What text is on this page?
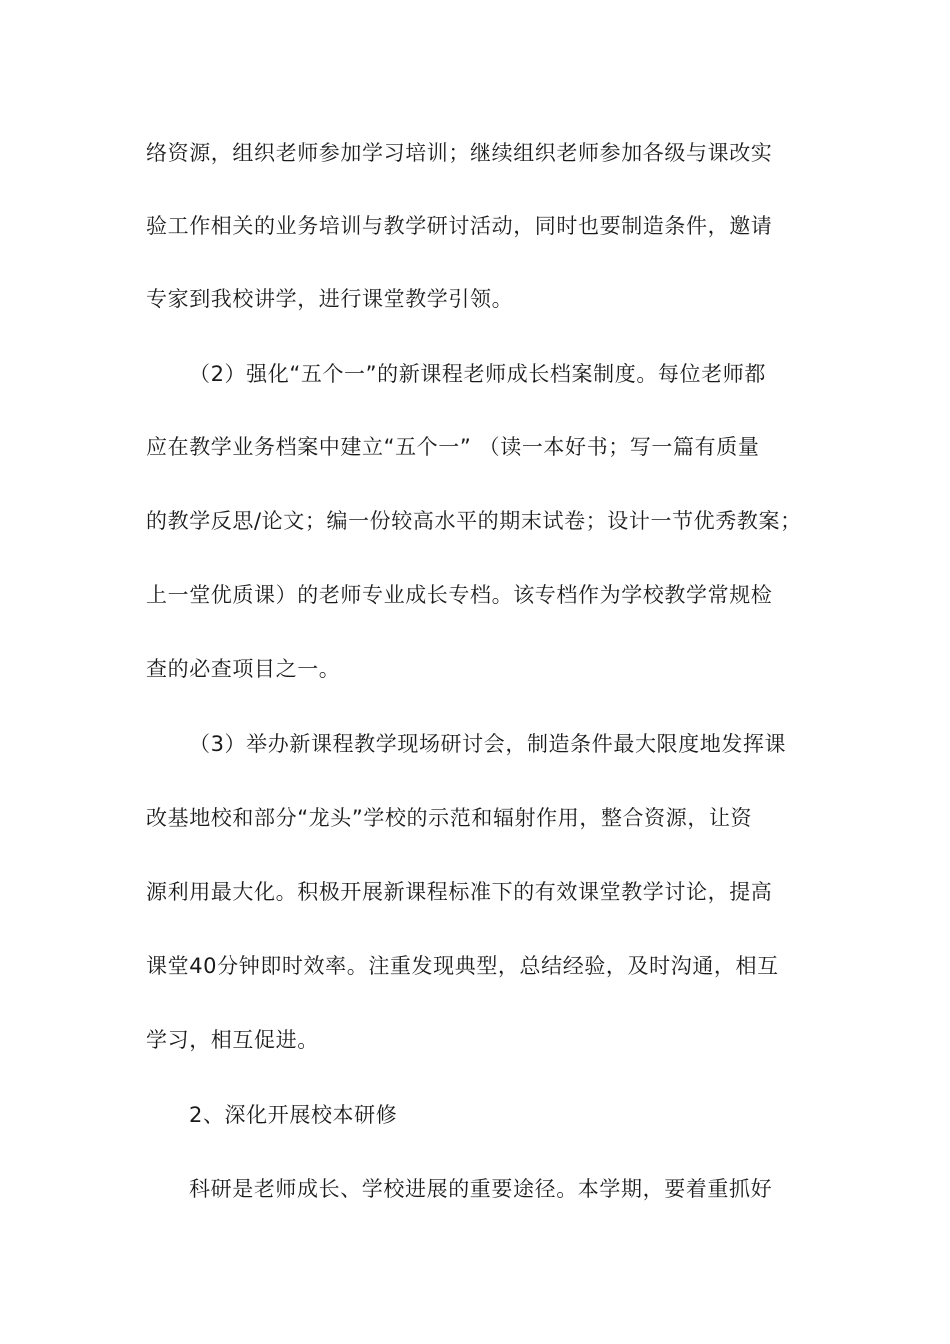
络资源，组织老师参加学习培训；继续组织老师参加各级与课改实
验工作相关的业务培训与教学研讨活动，同时也要制造条件，邀请
专家到我校讲学，进行课堂教学引领。
（2）强化“五个一”的新课程老师成长档案制度。每位老师都
应在教学业务档案中建立“五个一” （读一本好书；写一篇有质量
的教学反思/论文；编一份较高水平的期末试卷；设计一节优秀教案；
上一堂优质课）的老师专业成长专档。该专档作为学校教学常规检
查的必查项目之一。
（3）举办新课程教学现场研讨会，制造条件最大限度地发挥课
改基地校和部分“龙头”学校的示范和辐射作用，整合资源，让资
源利用最大化。积极开展新课程标准下的有效课堂教学讨论，提高
课堂40分钟即时效率。注重发现典型，总结经验，及时沟通，相互
学习，相互促进。
2、深化开展校本研修
科研是老师成长、学校进展的重要途径。本学期，要着重抓好
